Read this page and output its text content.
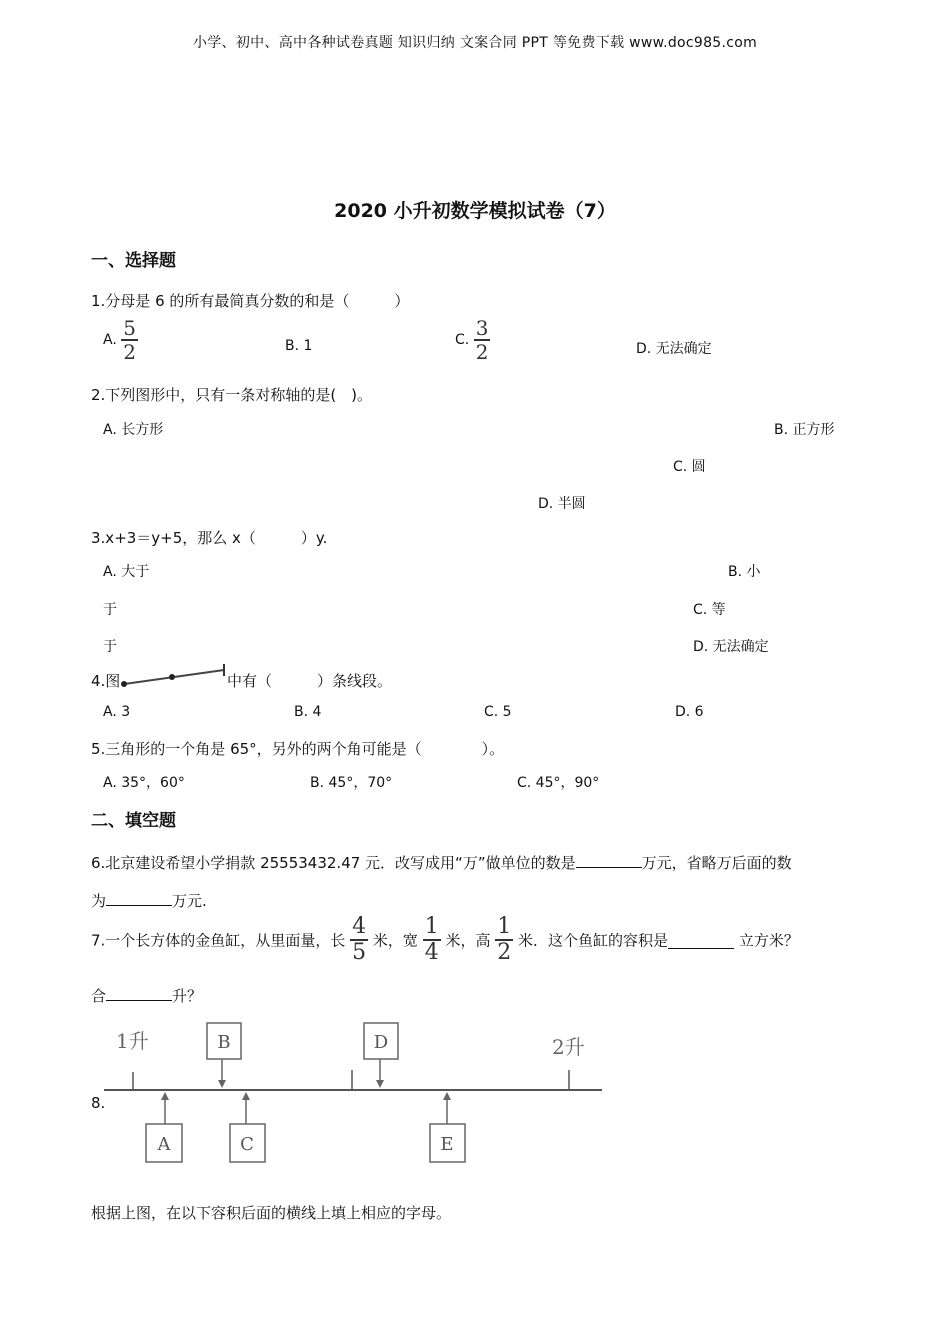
小学、初中、高中各种试卷真题 知识归纳 文案合同 PPT 等免费下载 www.doc985.com
2020 小升初数学模拟试卷（7）
一、选择题
1.分母是 6 的所有最简真分数的和是（　　　）
A. $\frac{5}{2}$	B. 1	C. $\frac{3}{2}$	D. 无法确定
2.下列图形中，只有一条对称轴的是(　)。
A. 长方形	B. 正方形
C. 圆
D. 半圆
3.x+3＝y+5，那么 x（　　　）y.
A. 大于	B. 小
于	C. 等
于	D. 无法确定
4.图	中有（　　　）条线段。
A. 3	B. 4	C. 5	D. 6
5.三角形的一个角是 65°，另外的两个角可能是（　　　　）。
A. 35°，60°	B. 45°，70°	C. 45°，90°
二、填空题
6.北京建设希望小学捐款 25553432.47 元．改写成用“万”做单位的数是	万元，省略万后面的数
为	万元.
7.一个长方体的金鱼缸，从里面量，长 $\frac{4}{5}$ 米，宽 $\frac{1}{4}$ 米，高 $\frac{1}{2}$ 米．这个鱼缸的容积是	立方米？
合	升？
8.
1升	2升
B	D
A	C	E
根据上图，在以下容积后面的横线上填上相应的字母。
